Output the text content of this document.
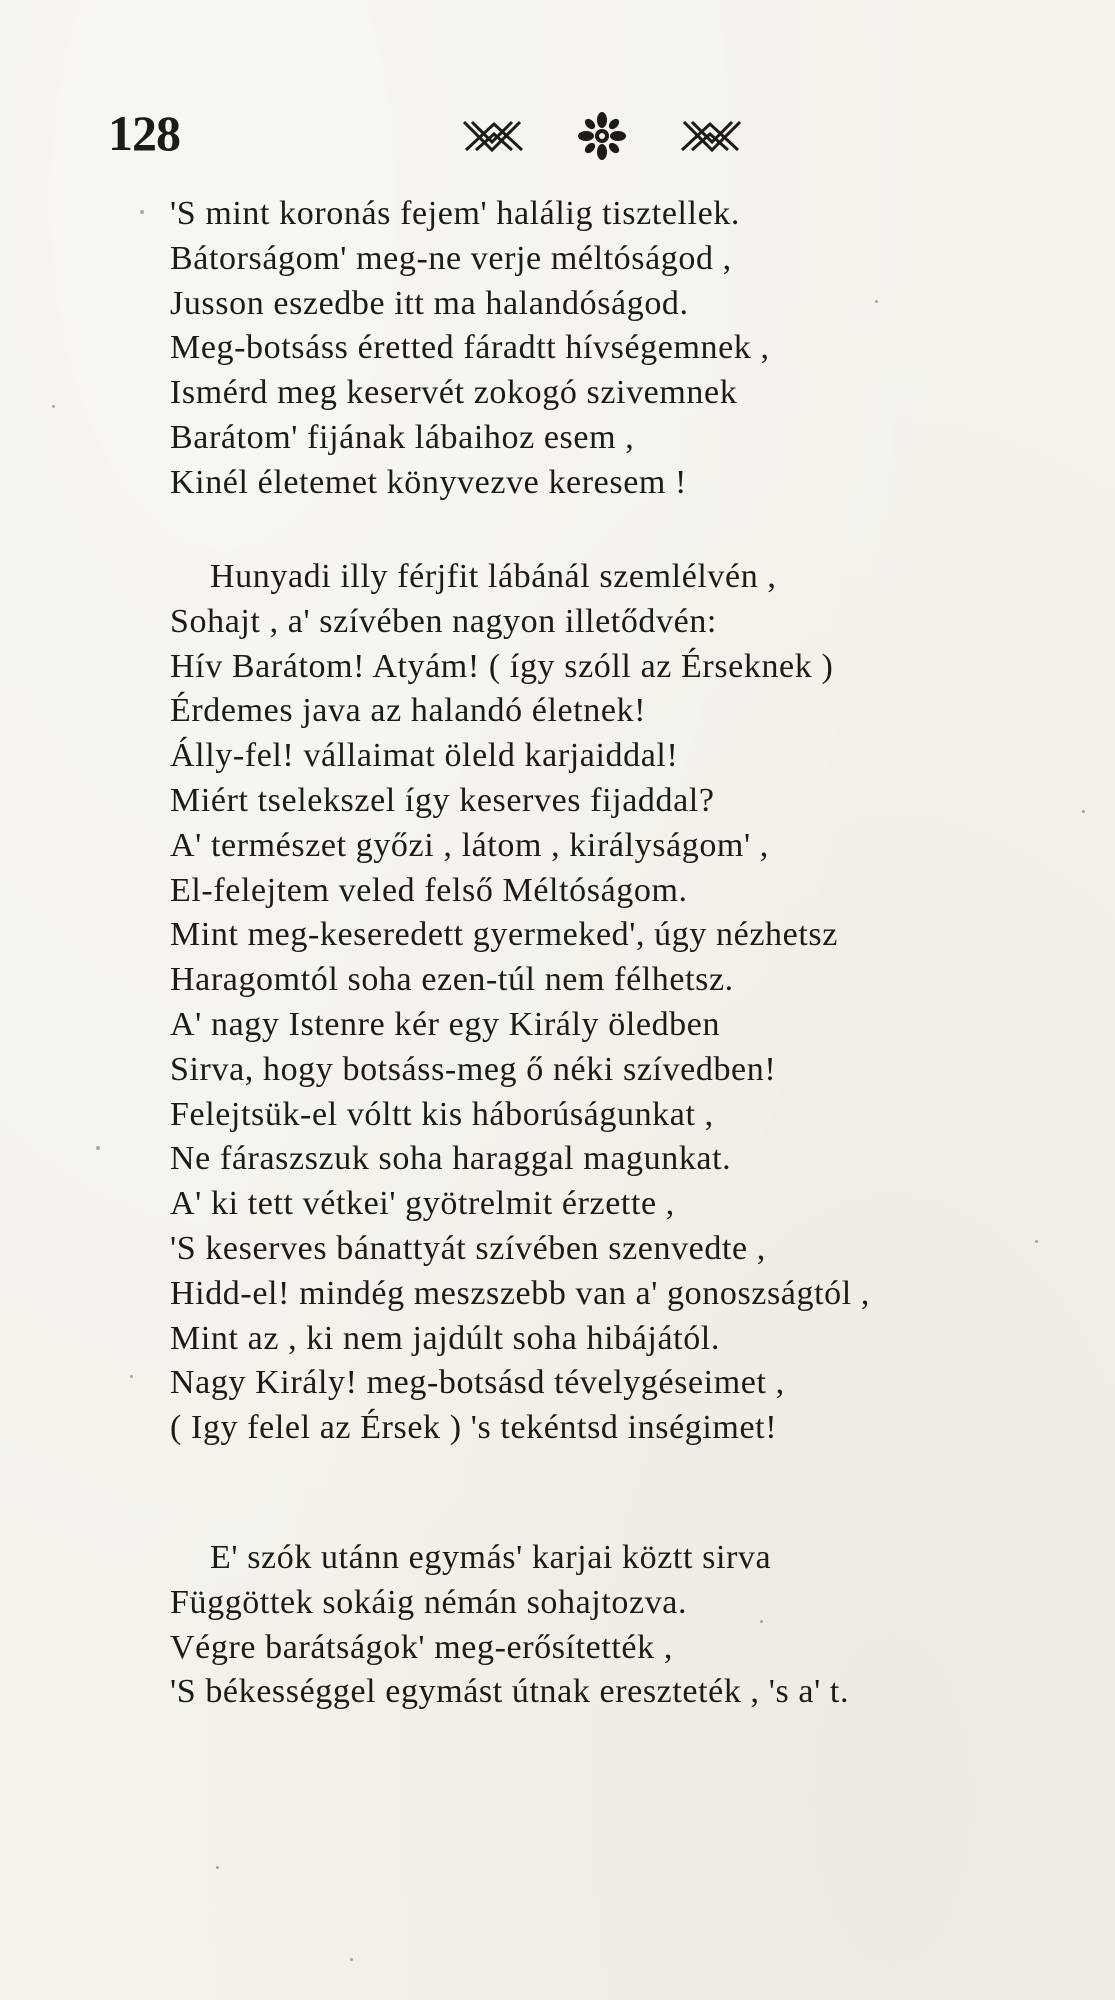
128
'S mint koronás fejem' halálig tisztellek.
Bátorságom' meg-ne verje méltóságod ,
Jusson eszedbe itt ma halandóságod.
Meg-botsáss éretted fáradtt hívségemnek ,
Ismérd meg keservét zokogó szivemnek
Barátom' fijának lábaihoz esem ,
Kinél életemet könyvezve keresem !
Hunyadi illy férjfit lábánál szemlélvén ,
Sohajt , a' szívében nagyon illetődvén:
Hív Barátom! Atyám! ( így szóll az Érseknek )
Érdemes java az halandó életnek!
Álly-fel! vállaimat öleld karjaiddal!
Miért tselekszel így keserves fijaddal?
A' természet győzi , látom , királyságom' ,
El-felejtem veled felső Méltóságom.
Mint meg-keseredett gyermeked', úgy nézhetsz
Haragomtól soha ezen-túl nem félhetsz.
A' nagy Istenre kér egy Király öledben
Sirva, hogy botsáss-meg ő néki szívedben!
Felejtsük-el vóltt kis háborúságunkat ,
Ne fáraszszuk soha haraggal magunkat.
A' ki tett vétkei' gyötrelmit érzette ,
'S keserves bánattyát szívében szenvedte ,
Hidd-el! mindég meszszebb van a' gonoszságtól ,
Mint az , ki nem jajdúlt soha hibájától.
Nagy Király! meg-botsásd tévelygéseimet ,
( Igy felel az Érsek ) 's tekéntsd inségimet!
E' szók utánn egymás' karjai köztt sirva
Függöttek sokáig némán sohajtozva.
Végre barátságok' meg-erősítették ,
'S békességgel egymást útnak ereszteték , 's a' t.
